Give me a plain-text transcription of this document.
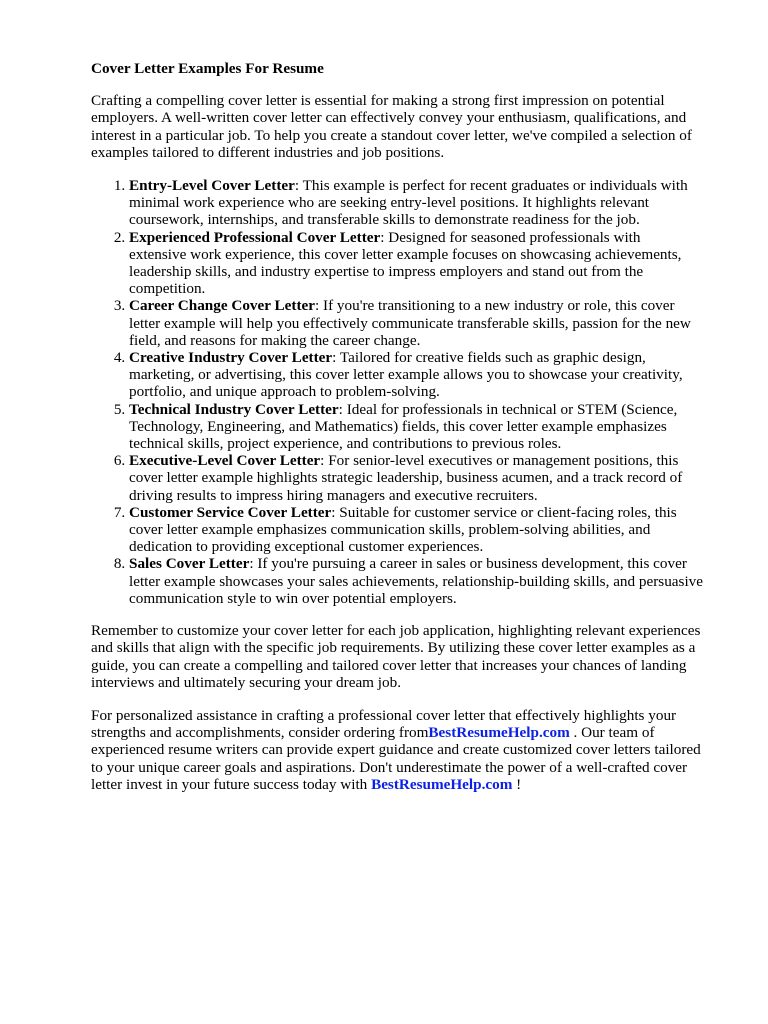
Cover Letter Examples For Resume

Crafting a compelling cover letter is essential for making a strong first impression on potential
employers. A well-written cover letter can effectively convey your enthusiasm, qualifications, and
interest in a particular job. To help you create a standout cover letter, we've compiled a selection of
examples tailored to different industries and job positions.

1. Entry-Level Cover Letter: This example is perfect for recent graduates or individuals with
minimal work experience who are seeking entry-level positions. It highlights relevant
coursework, internships, and transferable skills to demonstrate readiness for the job.
2. Experienced Professional Cover Letter: Designed for seasoned professionals with
extensive work experience, this cover letter example focuses on showcasing achievements,
leadership skills, and industry expertise to impress employers and stand out from the
competition.
3. Career Change Cover Letter: If you're transitioning to a new industry or role, this cover
letter example will help you effectively communicate transferable skills, passion for the new
field, and reasons for making the career change.
4. Creative Industry Cover Letter: Tailored for creative fields such as graphic design,
marketing, or advertising, this cover letter example allows you to showcase your creativity,
portfolio, and unique approach to problem-solving.
5. Technical Industry Cover Letter: Ideal for professionals in technical or STEM (Science,
Technology, Engineering, and Mathematics) fields, this cover letter example emphasizes
technical skills, project experience, and contributions to previous roles.
6. Executive-Level Cover Letter: For senior-level executives or management positions, this
cover letter example highlights strategic leadership, business acumen, and a track record of
driving results to impress hiring managers and executive recruiters.
7. Customer Service Cover Letter: Suitable for customer service or client-facing roles, this
cover letter example emphasizes communication skills, problem-solving abilities, and
dedication to providing exceptional customer experiences.
8. Sales Cover Letter: If you're pursuing a career in sales or business development, this cover
letter example showcases your sales achievements, relationship-building skills, and persuasive
communication style to win over potential employers.

Remember to customize your cover letter for each job application, highlighting relevant experiences
and skills that align with the specific job requirements. By utilizing these cover letter examples as a
guide, you can create a compelling and tailored cover letter that increases your chances of landing
interviews and ultimately securing your dream job.

For personalized assistance in crafting a professional cover letter that effectively highlights your
strengths and accomplishments, consider ordering fromBestResumeHelp.com . Our team of
experienced resume writers can provide expert guidance and create customized cover letters tailored
to your unique career goals and aspirations. Don't underestimate the power of a well-crafted cover
letter invest in your future success today with BestResumeHelp.com !
